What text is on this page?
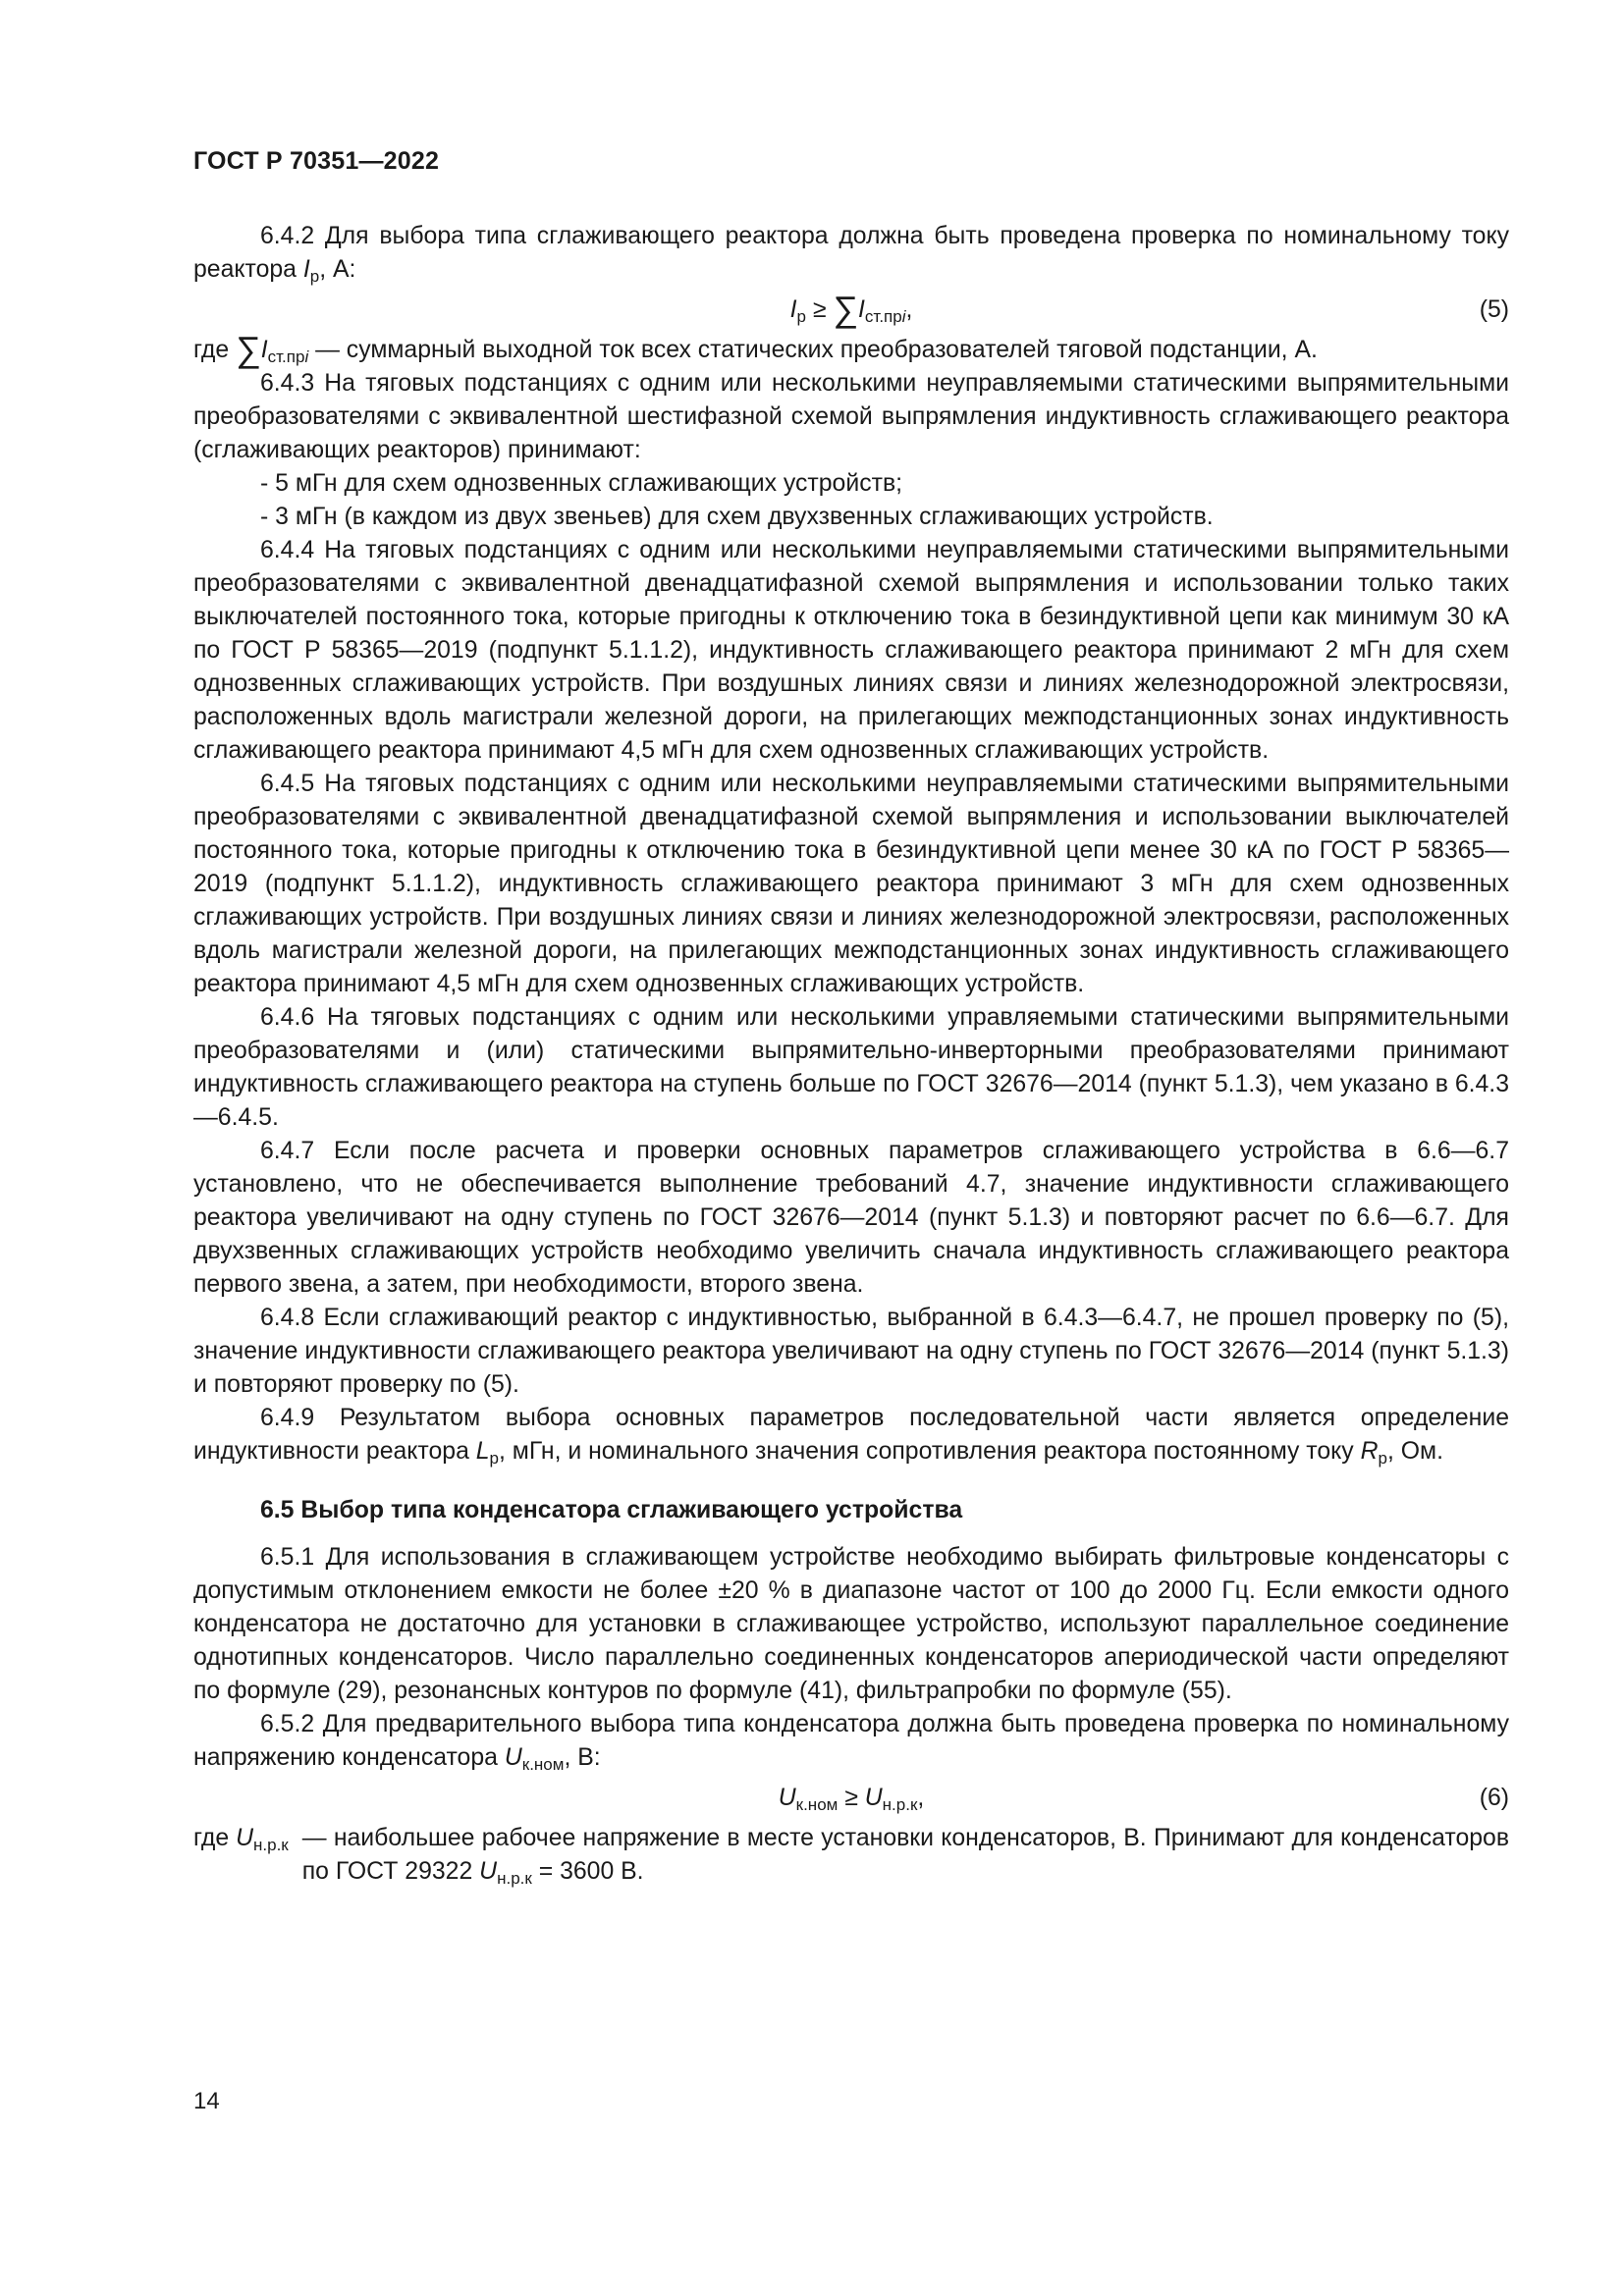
ГОСТ Р 70351—2022

6.4.2 Для выбора типа сглаживающего реактора должна быть проведена проверка по номинальному току реактора $I_р$, А:

$I_р \ge \sum I_{ст.прi}$,	(5)

где $\sum I_{ст.прi}$ — суммарный выходной ток всех статических преобразователей тяговой подстанции, А.

6.4.3 На тяговых подстанциях с одним или несколькими неуправляемыми статическими выпрямительными преобразователями с эквивалентной шестифазной схемой выпрямления индуктивность сглаживающего реактора (сглаживающих реакторов) принимают:

- 5 мГн для схем однозвенных сглаживающих устройств;

- 3 мГн (в каждом из двух звеньев) для схем двухзвенных сглаживающих устройств.

6.4.4 На тяговых подстанциях с одним или несколькими неуправляемыми статическими выпрямительными преобразователями с эквивалентной двенадцатифазной схемой выпрямления и использовании только таких выключателей постоянного тока, которые пригодны к отключению тока в безиндуктивной цепи как минимум 30 кА по ГОСТ Р 58365—2019 (подпункт 5.1.1.2), индуктивность сглаживающего реактора принимают 2 мГн для схем однозвенных сглаживающих устройств. При воздушных линиях связи и линиях железнодорожной электросвязи, расположенных вдоль магистрали железной дороги, на прилегающих межподстанционных зонах индуктивность сглаживающего реактора принимают 4,5 мГн для схем однозвенных сглаживающих устройств.

6.4.5 На тяговых подстанциях с одним или несколькими неуправляемыми статическими выпрямительными преобразователями с эквивалентной двенадцатифазной схемой выпрямления и использовании выключателей постоянного тока, которые пригодны к отключению тока в безиндуктивной цепи менее 30 кА по ГОСТ Р 58365—2019 (подпункт 5.1.1.2), индуктивность сглаживающего реактора принимают 3 мГн для схем однозвенных сглаживающих устройств. При воздушных линиях связи и линиях железнодорожной электросвязи, расположенных вдоль магистрали железной дороги, на прилегающих межподстанционных зонах индуктивность сглаживающего реактора принимают 4,5 мГн для схем однозвенных сглаживающих устройств.

6.4.6 На тяговых подстанциях с одним или несколькими управляемыми статическими выпрямительными преобразователями и (или) статическими выпрямительно-инверторными преобразователями принимают индуктивность сглаживающего реактора на ступень больше по ГОСТ 32676—2014 (пункт 5.1.3), чем указано в 6.4.3—6.4.5.

6.4.7 Если после расчета и проверки основных параметров сглаживающего устройства в 6.6—6.7 установлено, что не обеспечивается выполнение требований 4.7, значение индуктивности сглаживающего реактора увеличивают на одну ступень по ГОСТ 32676—2014 (пункт 5.1.3) и повторяют расчет по 6.6—6.7. Для двухзвенных сглаживающих устройств необходимо увеличить сначала индуктивность сглаживающего реактора первого звена, а затем, при необходимости, второго звена.

6.4.8 Если сглаживающий реактор с индуктивностью, выбранной в 6.4.3—6.4.7, не прошел проверку по (5), значение индуктивности сглаживающего реактора увеличивают на одну ступень по ГОСТ 32676—2014 (пункт 5.1.3) и повторяют проверку по (5).

6.4.9 Результатом выбора основных параметров последовательной части является определение индуктивности реактора $L_р$, мГн, и номинального значения сопротивления реактора постоянному току $R_р$, Ом.

6.5 Выбор типа конденсатора сглаживающего устройства

6.5.1 Для использования в сглаживающем устройстве необходимо выбирать фильтровые конденсаторы с допустимым отклонением емкости не более ±20 % в диапазоне частот от 100 до 2000 Гц. Если емкости одного конденсатора не достаточно для установки в сглаживающее устройство, используют параллельное соединение однотипных конденсаторов. Число параллельно соединенных конденсаторов апериодической части определяют по формуле (29), резонансных контуров по формуле (41), фильтрапробки по формуле (55).

6.5.2 Для предварительного выбора типа конденсатора должна быть проведена проверка по номинальному напряжению конденсатора $U_{к.ном}$, В:

$U_{к.ном} \ge U_{н.р.к}$,	(6)
где $U_{н.р.к}$ — наибольшее рабочее напряжение в месте установки конденсаторов, В. Принимают для конденсаторов по ГОСТ 29322 $U_{н.р.к} = 3600$ В.
14
